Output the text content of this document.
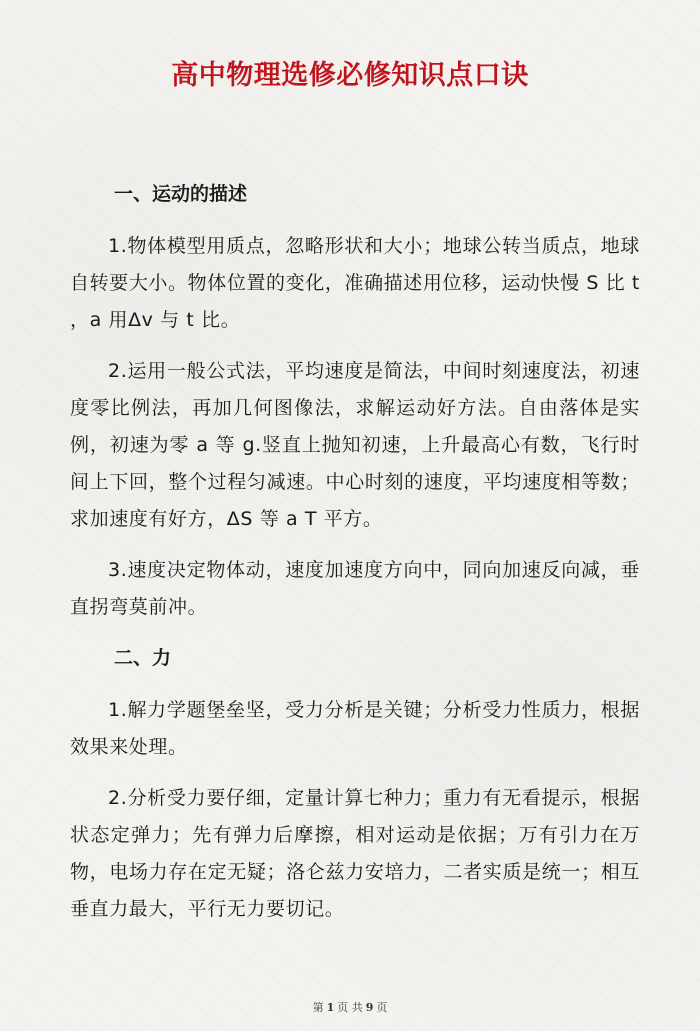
高中物理选修必修知识点口诀
一、运动的描述

1.物体模型用质点，忽略形状和大小；地球公转当质点，地球自转要大小。物体位置的变化，准确描述用位移，运动快慢 S 比 t ，a 用Δv 与 t 比。

2.运用一般公式法，平均速度是简法，中间时刻速度法，初速度零比例法，再加几何图像法，求解运动好方法。自由落体是实例，初速为零 a 等 g.竖直上抛知初速，上升最高心有数，飞行时间上下回，整个过程匀减速。中心时刻的速度，平均速度相等数；求加速度有好方，ΔS 等 a T 平方。

3.速度决定物体动，速度加速度方向中，同向加速反向减，垂直拐弯莫前冲。

二、力

1.解力学题堡垒坚，受力分析是关键；分析受力性质力，根据效果来处理。

2.分析受力要仔细，定量计算七种力；重力有无看提示，根据状态定弹力；先有弹力后摩擦，相对运动是依据；万有引力在万物，电场力存在定无疑；洛仑兹力安培力，二者实质是统一；相互垂直力最大，平行无力要切记。

第 1 页 共 9 页
